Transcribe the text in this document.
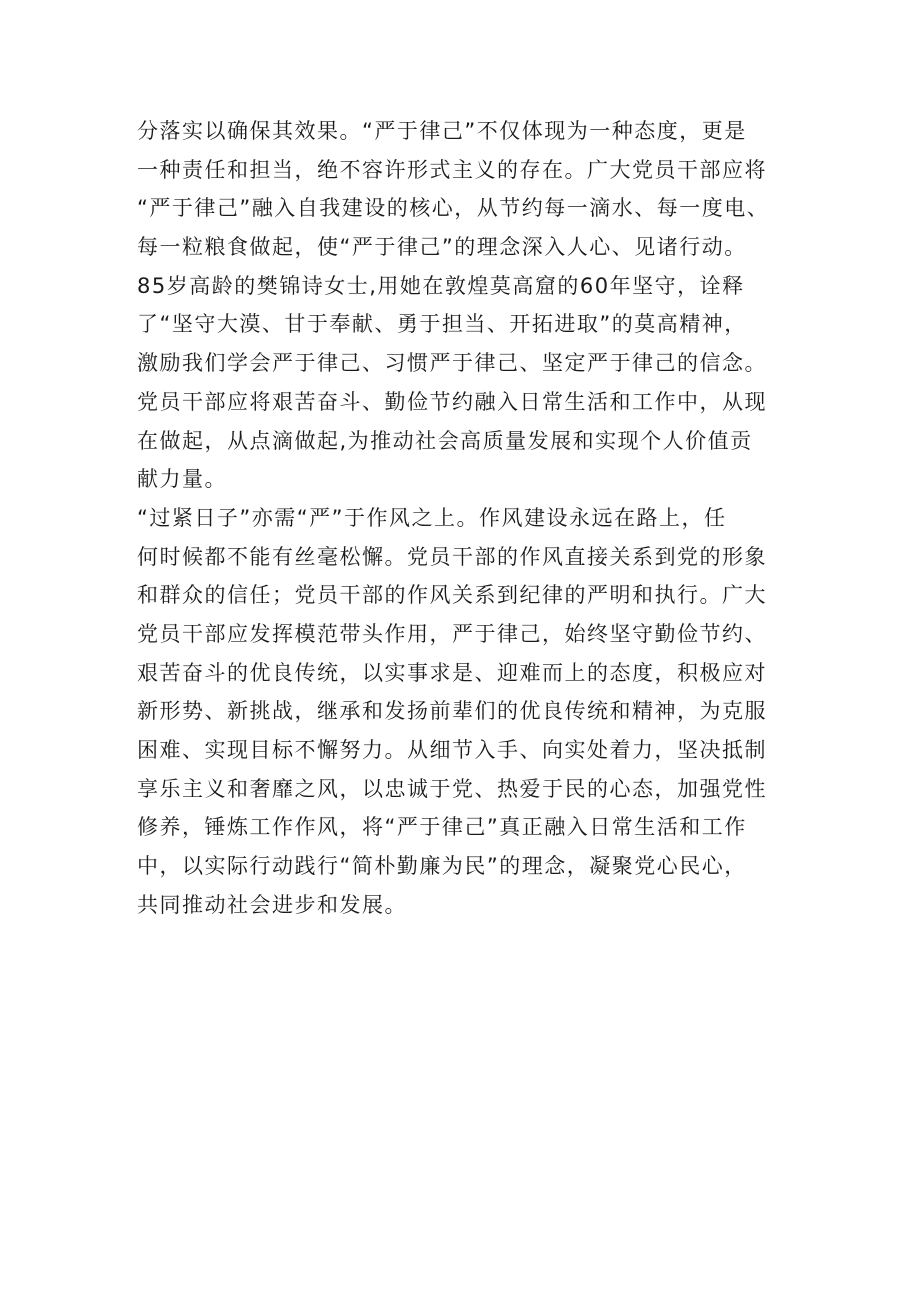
分落实以确保其效果。“严于律己”不仅体现为一种态度，更是
一种责任和担当，绝不容许形式主义的存在。广大党员干部应将
“严于律己”融入自我建设的核心，从节约每一滴水、每一度电、
每一粒粮食做起，使“严于律己”的理念深入人心、见诸行动。
85岁高龄的樊锦诗女士,用她在敦煌莫高窟的60年坚守，诠释
了“坚守大漠、甘于奉献、勇于担当、开拓进取”的莫高精神，
激励我们学会严于律己、习惯严于律己、坚定严于律己的信念。
党员干部应将艰苦奋斗、勤俭节约融入日常生活和工作中，从现
在做起，从点滴做起,为推动社会高质量发展和实现个人价值贡
献力量。
“过紧日子”亦需“严”于作风之上。作风建设永远在路上，任
何时候都不能有丝毫松懈。党员干部的作风直接关系到党的形象
和群众的信任；党员干部的作风关系到纪律的严明和执行。广大
党员干部应发挥模范带头作用，严于律己，始终坚守勤俭节约、
艰苦奋斗的优良传统，以实事求是、迎难而上的态度，积极应对
新形势、新挑战，继承和发扬前辈们的优良传统和精神，为克服
困难、实现目标不懈努力。从细节入手、向实处着力，坚决抵制
享乐主义和奢靡之风，以忠诚于党、热爱于民的心态，加强党性
修养，锤炼工作作风，将“严于律己”真正融入日常生活和工作
中，以实际行动践行“简朴勤廉为民”的理念，凝聚党心民心，
共同推动社会进步和发展。
